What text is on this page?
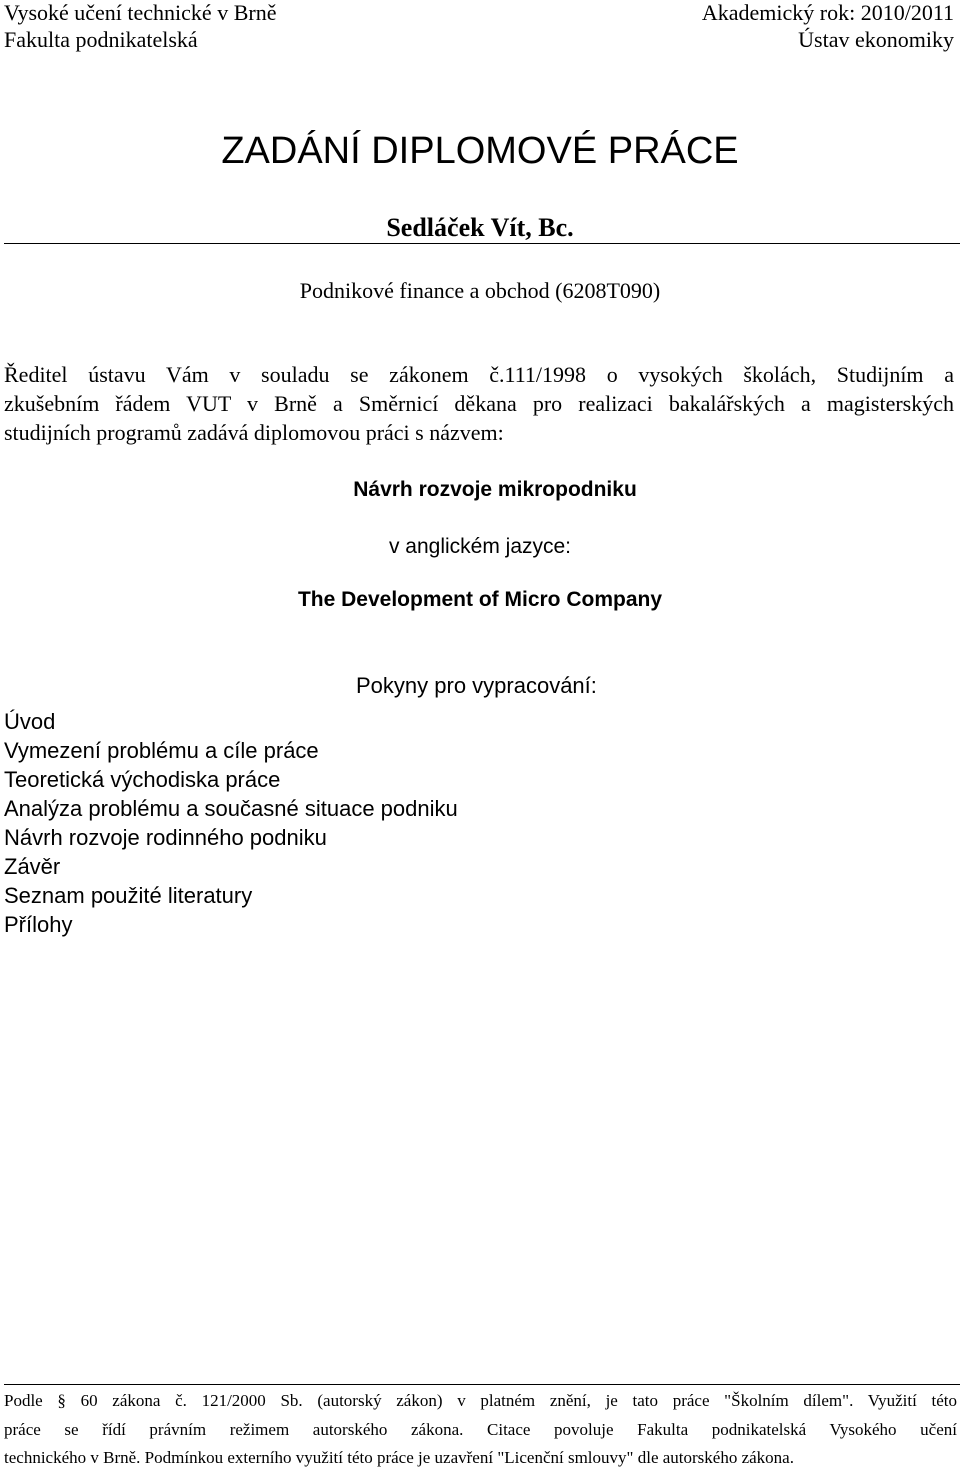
Vysoké učení technické v Brně
Fakulta podnikatelská
Akademický rok: 2010/2011
Ústav ekonomiky
ZADÁNÍ DIPLOMOVÉ PRÁCE
Sedláček Vít, Bc.
Podnikové finance a obchod (6208T090)
Ředitel ústavu Vám v souladu se zákonem č.111/1998 o vysokých školách, Studijním a
zkušebním řádem VUT v Brně a Směrnicí děkana pro realizaci bakalářských a magisterských
studijních programů zadává diplomovou práci s názvem:
Návrh rozvoje mikropodniku
v anglickém jazyce:
The Development of Micro Company
Pokyny pro vypracování:
Úvod
Vymezení problému a cíle práce
Teoretická východiska práce
Analýza problému a současné situace podniku
Návrh rozvoje rodinného podniku
Závěr
Seznam použité literatury
Přílohy
Podle § 60 zákona č. 121/2000 Sb. (autorský zákon) v platném znění, je tato práce "Školním dílem". Využití této
práce se řídí právním režimem autorského zákona. Citace povoluje Fakulta podnikatelská Vysokého učení
technického v Brně. Podmínkou externího využití této práce je uzavření "Licenční smlouvy" dle autorského zákona.
